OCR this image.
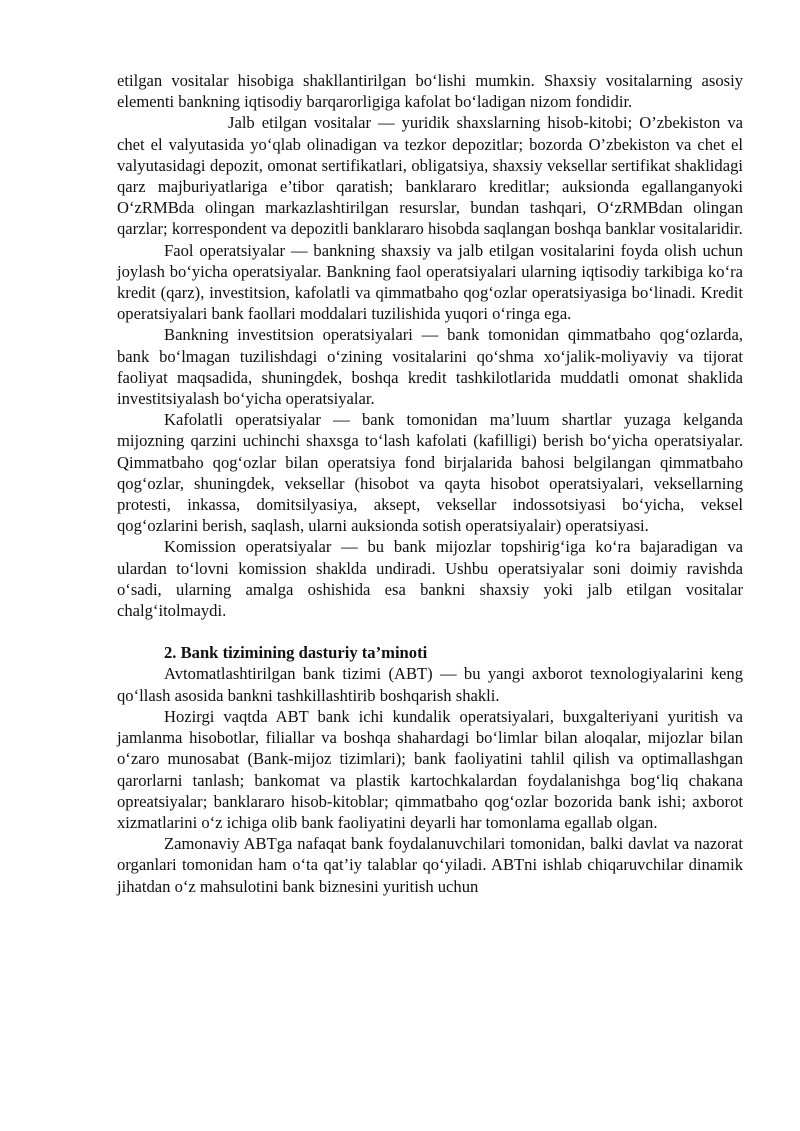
etilgan vositalar hisobiga shakllantirilgan bo‘lishi mumkin. Shaxsiy vositalarning asosiy elementi bankning iqtisodiy barqarorligiga kafolat bo‘ladigan nizom fondidir.

Jalb etilgan vositalar — yuridik shaxslarning hisob-kitobi; O’zbekiston va chet el valyutasida yo‘qlab olinadigan va tezkor depozitlar; bozorda O’zbekiston va chet el valyutasidagi depozit, omonat sertifikatlari, obligatsiya, shaxsiy veksellar sertifikat shaklidagi qarz majburiyatlariga e’tibor qaratish; banklararo kreditlar; auksionda egallanganyoki O‘zRMBda olingan markazlashtirilgan resurslar, bundan tashqari, O‘zRMBdan olingan qarzlar; korrespondent va depozitli banklararo hisobda saqlangan boshqa banklar vositalaridir.

Faol operatsiyalar — bankning shaxsiy va jalb etilgan vositalarini foyda olish uchun joylash bo‘yicha operatsiyalar. Bankning faol operatsiyalari ularning iqtisodiy tarkibiga ko‘ra kredit (qarz), investitsion, kafolatli va qimmatbaho qog‘ozlar operatsiyasiga bo‘linadi. Kredit operatsiyalari bank faollari moddalari tuzilishida yuqori o‘ringa ega.

Bankning investitsion operatsiyalari — bank tomonidan qimmatbaho qog‘ozlarda, bank bo‘lmagan tuzilishdagi o‘zining vositalarini qo‘shma xo‘jalik-moliyaviy va tijorat faoliyat maqsadida, shuningdek, boshqa kredit tashkilotlarida muddatli omonat shaklida investitsiyalash bo‘yicha operatsiyalar.

Kafolatli operatsiyalar — bank tomonidan ma’luum shartlar yuzaga kelganda mijozning qarzini uchinchi shaxsga to‘lash kafolati (kafilligi) berish bo‘yicha operatsiyalar. Qimmatbaho qog‘ozlar bilan operatsiya fond birjalarida bahosi belgilangan qimmatbaho qog‘ozlar, shuningdek, veksellar (hisobot va qayta hisobot operatsiyalari, veksellarning protesti, inkassa, domitsilyasiya, aksept, veksellar indossotsiyasi bo‘yicha, veksel qog‘ozlarini berish, saqlash, ularni auksionda sotish operatsiyalair) operatsiyasi.

Komission operatsiyalar — bu bank mijozlar topshirig‘iga ko‘ra bajaradigan va ulardan to‘lovni komission shaklda undiradi. Ushbu operatsiyalar soni doimiy ravishda o‘sadi, ularning amalga oshishida esa bankni shaxsiy yoki jalb etilgan vositalar chalg‘itolmaydi.

2. Bank tizimining dasturiy ta’minoti

Avtomatlashtirilgan bank tizimi (ABT) — bu yangi axborot texnologiyalarini keng qo‘llash asosida bankni tashkillashtirib boshqarish shakli.

Hozirgi vaqtda ABT bank ichi kundalik operatsiyalari, buxgalteriyani yuritish va jamlanma hisobotlar, filiallar va boshqa shahardagi bo‘limlar bilan aloqalar, mijozlar bilan o‘zaro munosabat (Bank-mijoz tizimlari); bank faoliyatini tahlil qilish va optimallashgan qarorlarni tanlash; bankomat va plastik kartochkalardan foydalanishga bog‘liq chakana opreatsiyalar; banklararo hisob-kitoblar; qimmatbaho qog‘ozlar bozorida bank ishi; axborot xizmatlarini o‘z ichiga olib bank faoliyatini deyarli har tomonlama egallab olgan.

Zamonaviy ABTga nafaqat bank foydalanuvchilari tomonidan, balki davlat va nazorat organlari tomonidan ham o‘ta qat’iy talablar qo‘yiladi. ABTni ishlab chiqaruvchilar dinamik jihatdan o‘z mahsulotini bank biznesini yuritish uchun
